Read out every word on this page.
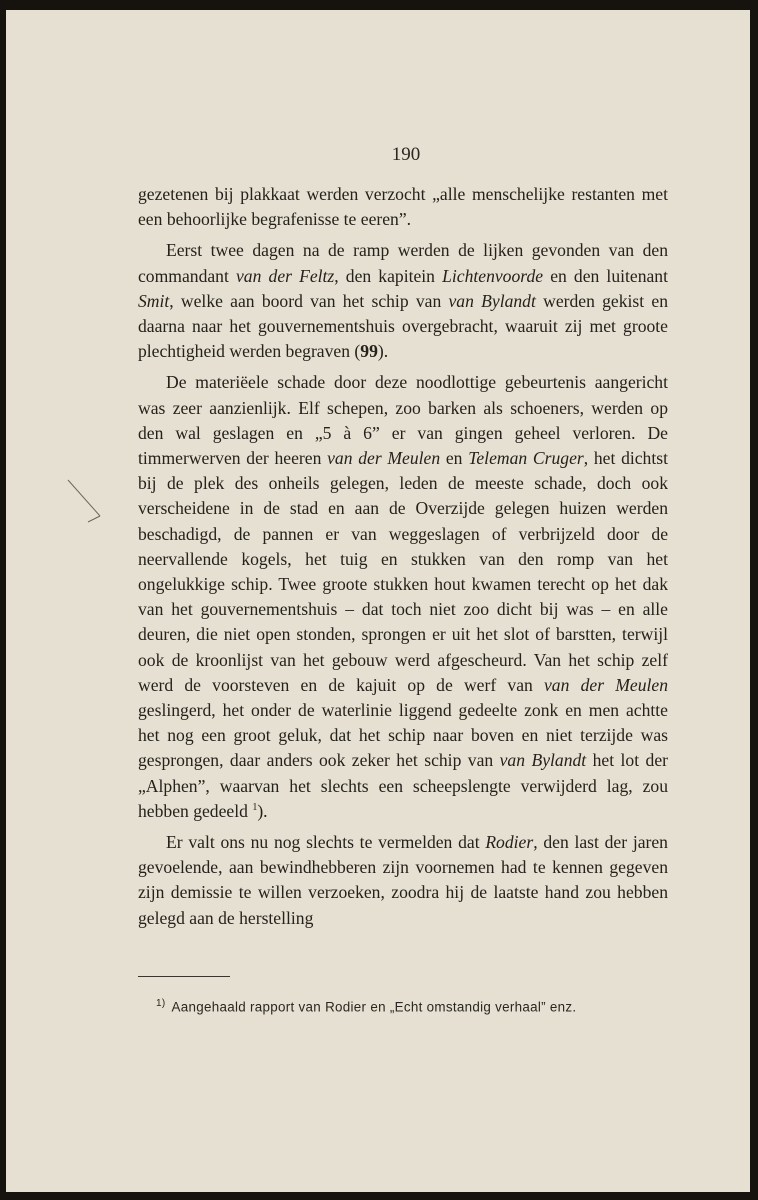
190

gezetenen bij plakkaat werden verzocht „alle menschelijke restanten met een behoorlijke begrafenisse te eeren”.

Eerst twee dagen na de ramp werden de lijken gevonden van den commandant van der Feltz, den kapitein Lichtenvoorde en den luitenant Smit, welke aan boord van het schip van van Bylandt werden gekist en daarna naar het gouvernementshuis overgebracht, waaruit zij met groote plechtigheid werden begraven (99).

De materiëele schade door deze noodlottige gebeurtenis aangericht was zeer aanzienlijk. Elf schepen, zoo barken als schoeners, werden op den wal geslagen en „5 à 6” er van gingen geheel verloren. De timmerwerven der heeren van der Meulen en Teleman Cruger, het dichtst bij de plek des onheils gelegen, leden de meeste schade, doch ook verscheidene in de stad en aan de Overzijde gelegen huizen werden beschadigd, de pannen er van weggeslagen of verbrijzeld door de neervallende kogels, het tuig en stukken van den romp van het ongelukkige schip. Twee groote stukken hout kwamen terecht op het dak van het gouvernementshuis – dat toch niet zoo dicht bij was – en alle deuren, die niet open stonden, sprongen er uit het slot of barstten, terwijl ook de kroonlijst van het gebouw werd afgescheurd. Van het schip zelf werd de voorsteven en de kajuit op de werf van van der Meulen geslingerd, het onder de waterlinie liggend gedeelte zonk en men achtte het nog een groot geluk, dat het schip naar boven en niet terzijde was gesprongen, daar anders ook zeker het schip van van Bylandt het lot der „Alphen”, waarvan het slechts een scheepslengte verwijderd lag, zou hebben gedeeld $^1$).

Er valt ons nu nog slechts te vermelden dat Rodier, den last der jaren gevoelende, aan bewindhebberen zijn voornemen had te kennen gegeven zijn demissie te willen verzoeken, zoodra hij de laatste hand zou hebben gelegd aan de herstelling

$^{1)}$ Aangehaald rapport van Rodier en „Echt omstandig verhaal” enz.
